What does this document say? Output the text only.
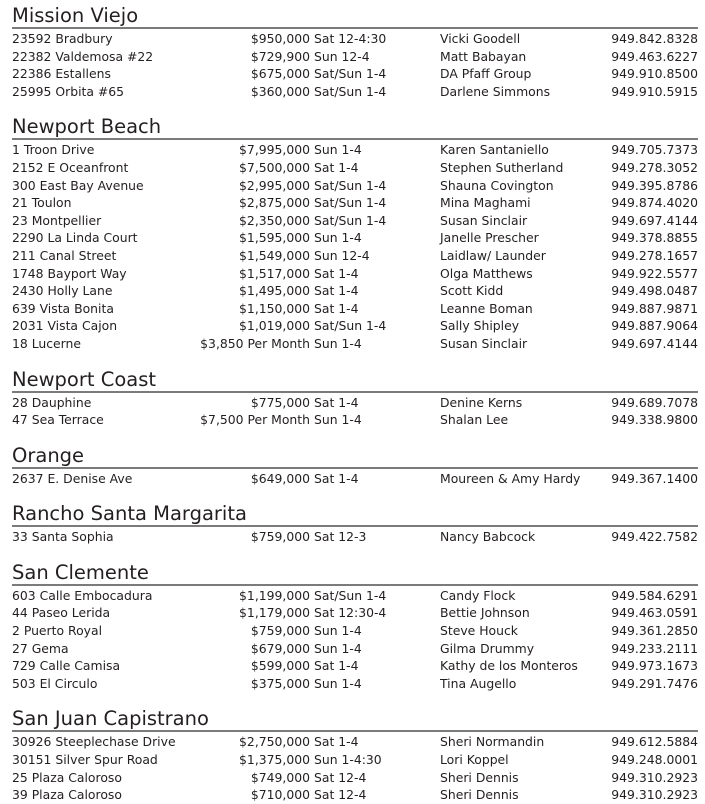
Mission Viejo
23592 Bradbury	$950,000 Sat 12-4:30	Vicki Goodell	949.842.8328
22382 Valdemosa #22	$729,900 Sun 12-4	Matt Babayan	949.463.6227
22386 Estallens	$675,000 Sat/Sun 1-4	DA Pfaff Group	949.910.8500
25995 Orbita #65	$360,000 Sat/Sun 1-4	Darlene Simmons	949.910.5915
Newport Beach
1 Troon Drive	$7,995,000 Sun 1-4	Karen Santaniello	949.705.7373
2152 E Oceanfront	$7,500,000 Sat 1-4	Stephen Sutherland	949.278.3052
300 East Bay Avenue	$2,995,000 Sat/Sun 1-4	Shauna Covington	949.395.8786
21 Toulon	$2,875,000 Sat/Sun 1-4	Mina Maghami	949.874.4020
23 Montpellier	$2,350,000 Sat/Sun 1-4	Susan Sinclair	949.697.4144
2290 La Linda Court	$1,595,000 Sun 1-4	Janelle Prescher	949.378.8855
211 Canal Street	$1,549,000 Sun 12-4	Laidlaw/ Launder	949.278.1657
1748 Bayport Way	$1,517,000 Sat 1-4	Olga Matthews	949.922.5577
2430 Holly Lane	$1,495,000 Sat 1-4	Scott Kidd	949.498.0487
639 Vista Bonita	$1,150,000 Sat 1-4	Leanne Boman	949.887.9871
2031 Vista Cajon	$1,019,000 Sat/Sun 1-4	Sally Shipley	949.887.9064
18 Lucerne	$3,850 Per Month Sun 1-4	Susan Sinclair	949.697.4144
Newport Coast
28 Dauphine	$775,000 Sat 1-4	Denine Kerns	949.689.7078
47 Sea Terrace	$7,500 Per Month Sun 1-4	Shalan Lee	949.338.9800
Orange
2637 E. Denise Ave	$649,000 Sat 1-4	Moureen & Amy Hardy 949.367.1400
Rancho Santa Margarita
33 Santa Sophia	$759,000 Sat 12-3	Nancy Babcock	949.422.7582
San Clemente
603 Calle Embocadura	$1,199,000 Sat/Sun 1-4	Candy Flock	949.584.6291
44 Paseo Lerida	$1,179,000 Sat 12:30-4	Bettie Johnson	949.463.0591
2 Puerto Royal	$759,000 Sun 1-4	Steve Houck	949.361.2850
27 Gema	$679,000 Sun 1-4	Gilma Drummy	949.233.2111
729 Calle Camisa	$599,000 Sat 1-4	Kathy de los Monteros	949.973.1673
503 El Circulo	$375,000 Sun 1-4	Tina Augello	949.291.7476
San Juan Capistrano
30926 Steeplechase Drive	$2,750,000 Sat 1-4	Sheri Normandin	949.612.5884
30151 Silver Spur Road	$1,375,000 Sun 1-4:30	Lori Koppel	949.248.0001
25 Plaza Caloroso	$749,000 Sat 12-4	Sheri Dennis	949.310.2923
39 Plaza Caloroso	$710,000 Sat 12-4	Sheri Dennis	949.310.2923
